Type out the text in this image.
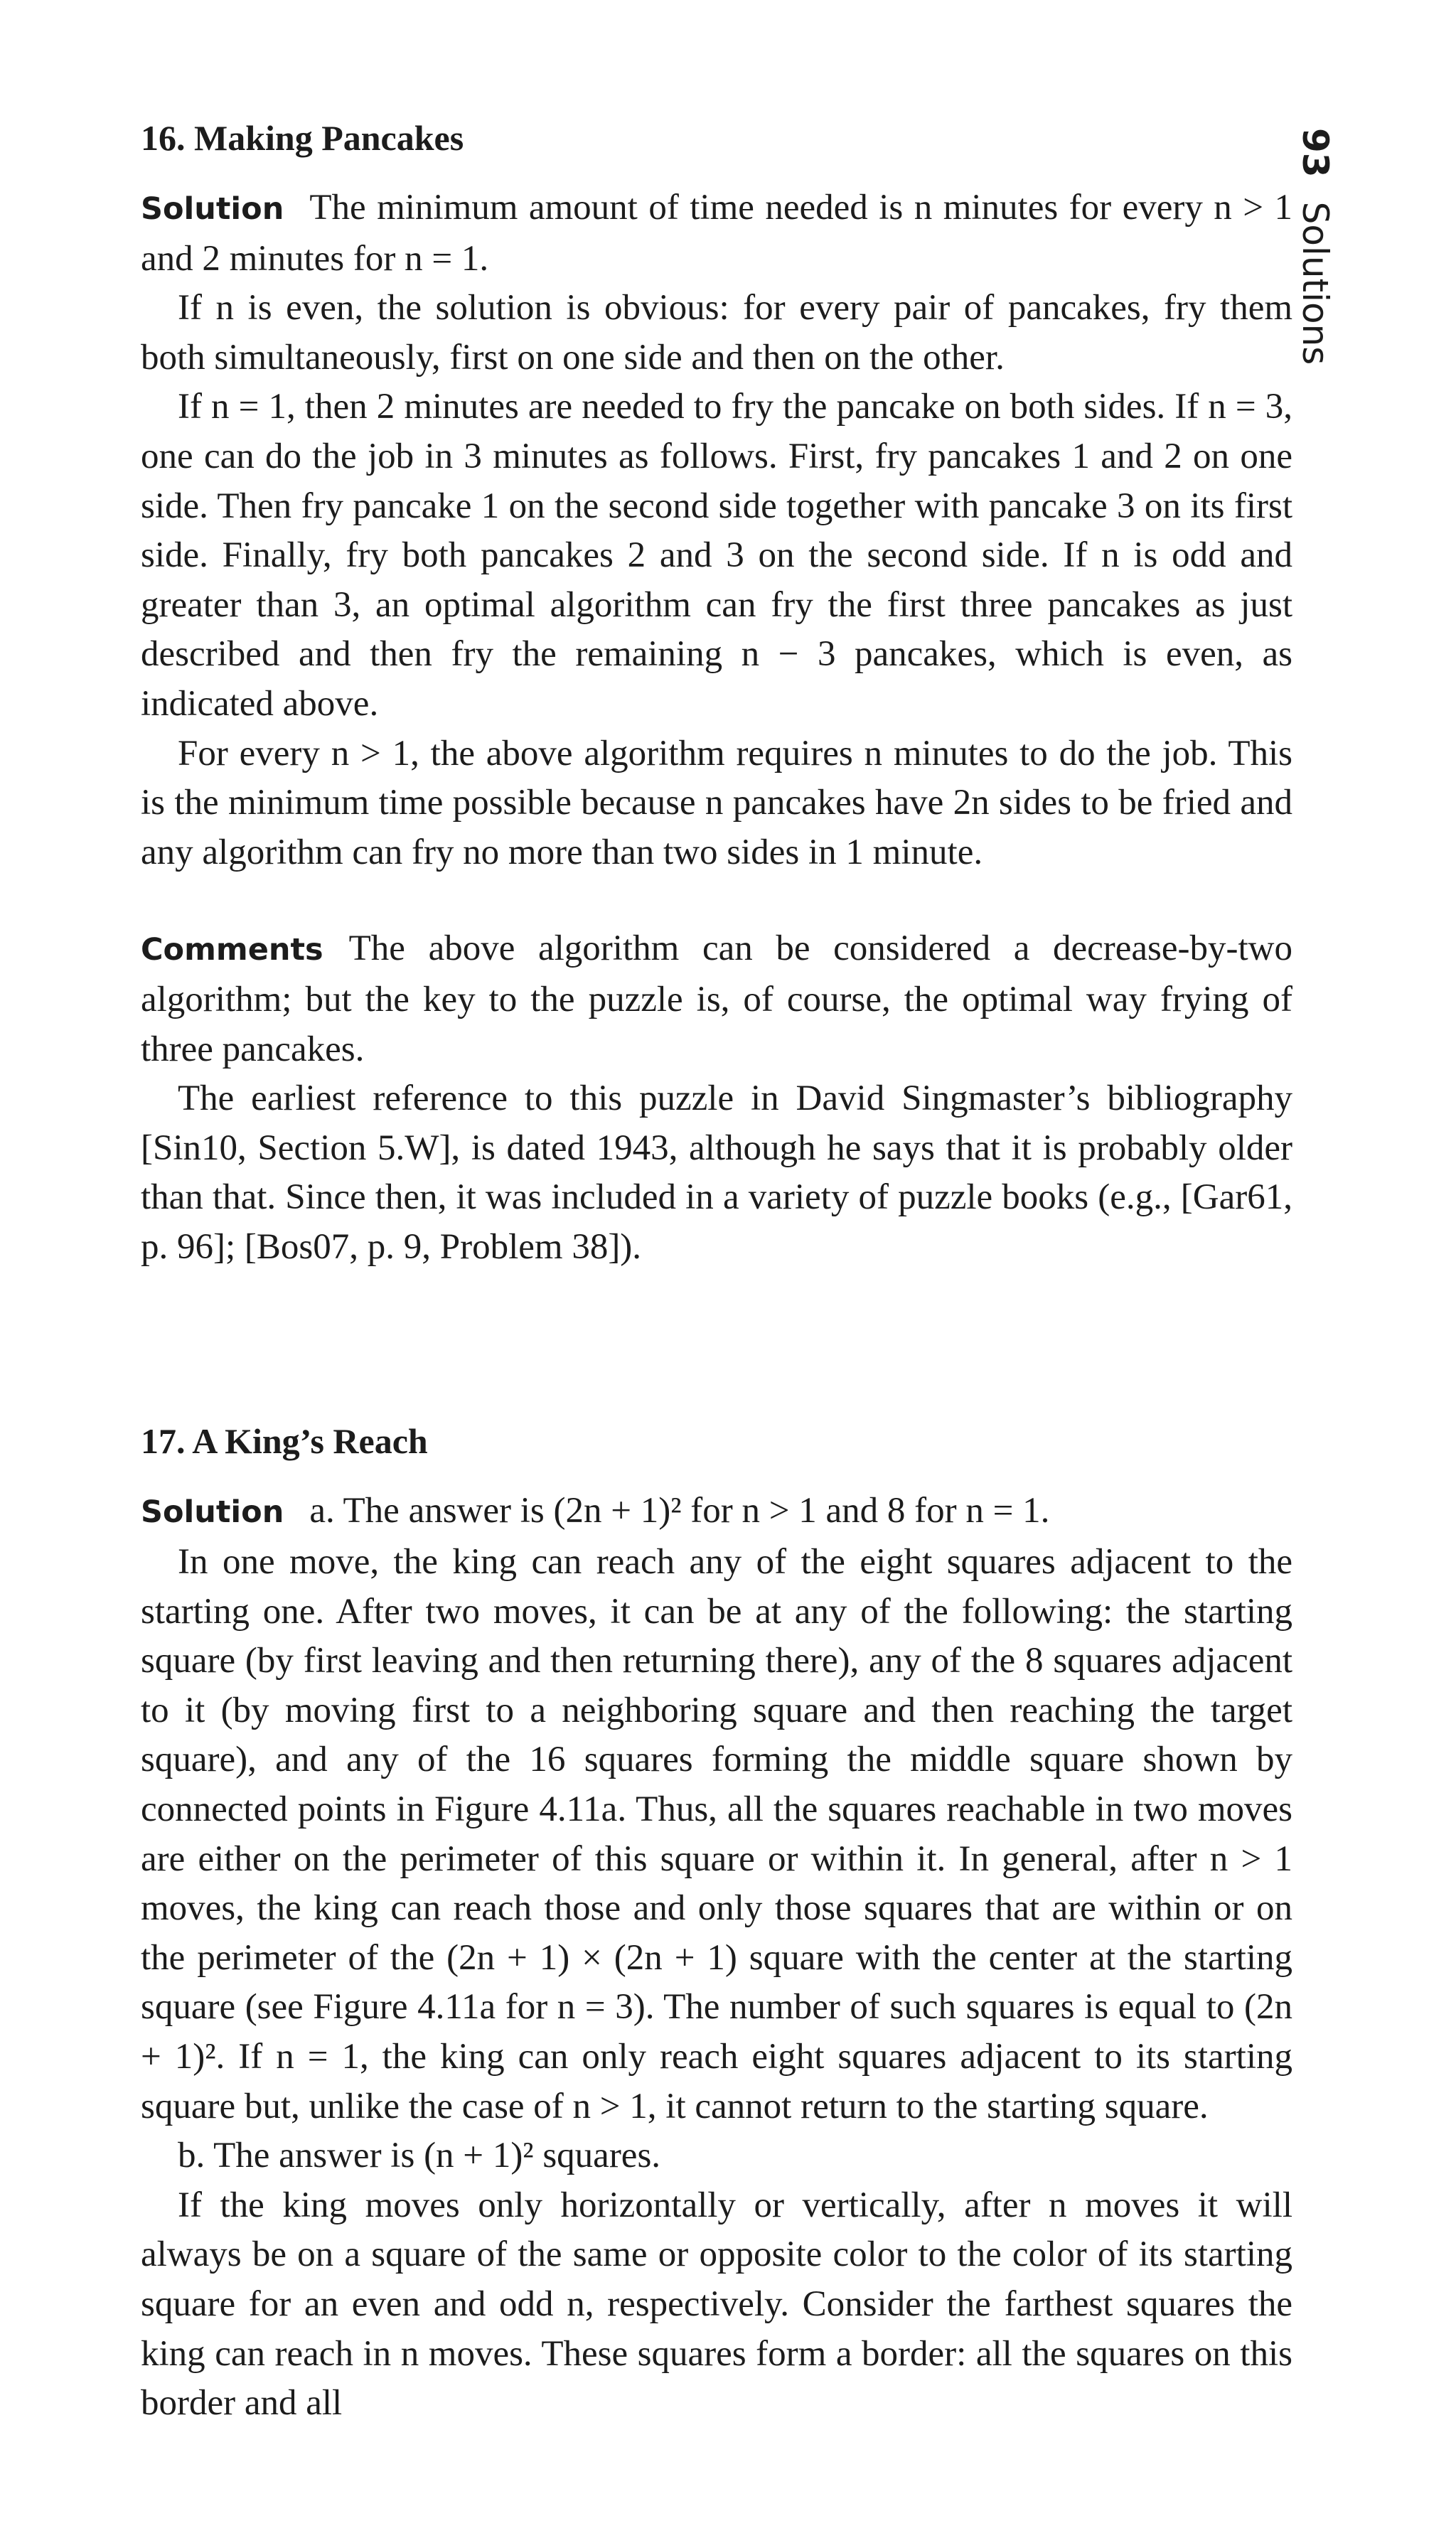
93Solutions
16. Making Pancakes

Solution The minimum amount of time needed is n minutes for every n > 1 and 2 minutes for n = 1.

If n is even, the solution is obvious: for every pair of pancakes, fry them both simultaneously, first on one side and then on the other.

If n = 1, then 2 minutes are needed to fry the pancake on both sides. If n = 3, one can do the job in 3 minutes as follows. First, fry pancakes 1 and 2 on one side. Then fry pancake 1 on the second side together with pancake 3 on its first side. Finally, fry both pancakes 2 and 3 on the second side. If n is odd and greater than 3, an optimal algorithm can fry the first three pancakes as just described and then fry the remaining n − 3 pancakes, which is even, as indicated above.

For every n > 1, the above algorithm requires n minutes to do the job. This is the minimum time possible because n pancakes have 2n sides to be fried and any algorithm can fry no more than two sides in 1 minute.

Comments The above algorithm can be considered a decrease-by-two algorithm; but the key to the puzzle is, of course, the optimal way frying of three pancakes.

The earliest reference to this puzzle in David Singmaster’s bibliography [Sin10, Section 5.W], is dated 1943, although he says that it is probably older than that. Since then, it was included in a variety of puzzle books (e.g., [Gar61, p. 96]; [Bos07, p. 9, Problem 38]).

17. A King’s Reach

Solution a. The answer is (2n + 1)² for n > 1 and 8 for n = 1.

In one move, the king can reach any of the eight squares adjacent to the starting one. After two moves, it can be at any of the following: the starting square (by first leaving and then returning there), any of the 8 squares adjacent to it (by moving first to a neighboring square and then reaching the target square), and any of the 16 squares forming the middle square shown by connected points in Figure 4.11a. Thus, all the squares reachable in two moves are either on the perimeter of this square or within it. In general, after n > 1 moves, the king can reach those and only those squares that are within or on the perimeter of the (2n + 1) × (2n + 1) square with the center at the starting square (see Figure 4.11a for n = 3). The number of such squares is equal to (2n + 1)². If n = 1, the king can only reach eight squares adjacent to its starting square but, unlike the case of n > 1, it cannot return to the starting square.

b. The answer is (n + 1)² squares.

If the king moves only horizontally or vertically, after n moves it will always be on a square of the same or opposite color to the color of its starting square for an even and odd n, respectively. Consider the farthest squares the king can reach in n moves. These squares form a border: all the squares on this border and all
